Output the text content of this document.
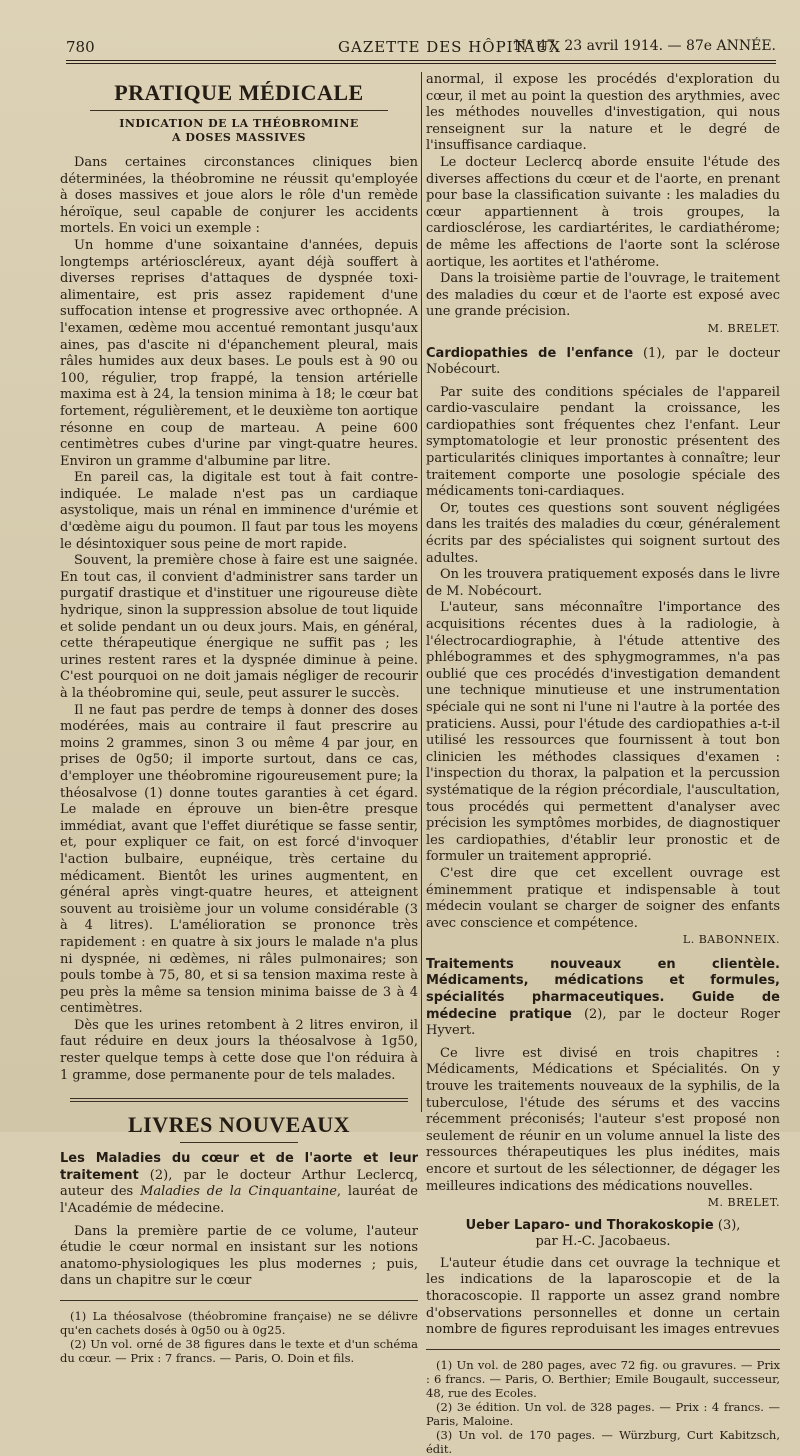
780	GAZETTE DES HÔPITAUX
N° 47, 23 avril 1914. — 87e ANNÉE.
PRATIQUE MÉDICALE
INDICATION DE LA THÉOBROMINE
A DOSES MASSIVES

Dans certaines circonstances cliniques bien déterminées, la théobromine ne réussit qu'employée à doses massives et joue alors le rôle d'un remède héroïque, seul capable de conjurer les accidents mortels. En voici un exemple :

Un homme d'une soixantaine d'années, depuis longtemps artérioscléreux, ayant déjà souffert à diverses reprises d'attaques de dyspnée toxi-alimentaire, est pris assez rapidement d'une suffocation intense et progressive avec orthopnée. A l'examen, œdème mou accentué remontant jusqu'aux aines, pas d'ascite ni d'épanchement pleural, mais râles humides aux deux bases. Le pouls est à 90 ou 100, régulier, trop frappé, la tension artérielle maxima est à 24, la tension minima à 18; le cœur bat fortement, régulièrement, et le deuxième ton aortique résonne en coup de marteau. A peine 600 centimètres cubes d'urine par vingt-quatre heures. Environ un gramme d'albumine par litre.

En pareil cas, la digitale est tout à fait contre-indiquée. Le malade n'est pas un cardiaque asystolique, mais un rénal en imminence d'urémie et d'œdème aigu du poumon. Il faut par tous les moyens le désintoxiquer sous peine de mort rapide.

Souvent, la première chose à faire est une saignée. En tout cas, il convient d'administrer sans tarder un purgatif drastique et d'instituer une rigoureuse diète hydrique, sinon la suppression absolue de tout liquide et solide pendant un ou deux jours. Mais, en général, cette thérapeutique énergique ne suffit pas ; les urines restent rares et la dyspnée diminue à peine. C'est pourquoi on ne doit jamais négliger de recourir à la théobromine qui, seule, peut assurer le succès.

Il ne faut pas perdre de temps à donner des doses modérées, mais au contraire il faut prescrire au moins 2 grammes, sinon 3 ou même 4 par jour, en prises de 0g50; il importe surtout, dans ce cas, d'employer une théobromine rigoureusement pure; la théosalvose (1) donne toutes garanties à cet égard. Le malade en éprouve un bien-être presque immédiat, avant que l'effet diurétique se fasse sentir, et, pour expliquer ce fait, on est forcé d'invoquer l'action bulbaire, eupnéique, très certaine du médicament. Bientôt les urines augmentent, en général après vingt-quatre heures, et atteignent souvent au troisième jour un volume considérable (3 à 4 litres). L'amélioration se prononce très rapidement : en quatre à six jours le malade n'a plus ni dyspnée, ni œdèmes, ni râles pulmonaires; son pouls tombe à 75, 80, et si sa tension maxima reste à peu près la même sa tension minima baisse de 3 à 4 centimètres.

Dès que les urines retombent à 2 litres environ, il faut réduire en deux jours la théosalvose à 1g50, rester quelque temps à cette dose que l'on réduira à 1 gramme, dose permanente pour de tels malades.

LIVRES NOUVEAUX
Les Maladies du cœur et de l'aorte et leur traitement (2), par le docteur Arthur Leclercq, auteur des Maladies de la Cinquantaine, lauréat de l'Académie de médecine.

Dans la première partie de ce volume, l'auteur étudie le cœur normal en insistant sur les notions anatomo-physiologiques les plus modernes ; puis, dans un chapitre sur le cœur

(1) La théosalvose (théobromine française) ne se délivre qu'en cachets dosés à 0g50 ou à 0g25.

(2) Un vol. orné de 38 figures dans le texte et d'un schéma du cœur. — Prix : 7 francs. — Paris, O. Doin et fils.

anormal, il expose les procédés d'exploration du cœur, il met au point la question des arythmies, avec les méthodes nouvelles d'investigation, qui nous renseignent sur la nature et le degré de l'insuffisance cardiaque.

Le docteur Leclercq aborde ensuite l'étude des diverses affections du cœur et de l'aorte, en prenant pour base la classification suivante : les maladies du cœur appartiennent à trois groupes, la cardiosclérose, les cardiartérites, le cardiathérome; de même les affections de l'aorte sont la sclérose aortique, les aortites et l'athérome.

Dans la troisième partie de l'ouvrage, le traitement des maladies du cœur et de l'aorte est exposé avec une grande précision.

M. BRELET.

Cardiopathies de l'enfance (1), par le docteur Nobécourt.

Par suite des conditions spéciales de l'appareil cardio-vasculaire pendant la croissance, les cardiopathies sont fréquentes chez l'enfant. Leur symptomatologie et leur pronostic présentent des particularités cliniques importantes à connaître; leur traitement comporte une posologie spéciale des médicaments toni-cardiaques.

Or, toutes ces questions sont souvent négligées dans les traités des maladies du cœur, généralement écrits par des spécialistes qui soignent surtout des adultes.

On les trouvera pratiquement exposés dans le livre de M. Nobécourt.

L'auteur, sans méconnaître l'importance des acquisitions récentes dues à la radiologie, à l'électrocardiographie, à l'étude attentive des phlébogrammes et des sphygmogrammes, n'a pas oublié que ces procédés d'investigation demandent une technique minutieuse et une instrumentation spéciale qui ne sont ni l'une ni l'autre à la portée des praticiens. Aussi, pour l'étude des cardiopathies a-t-il utilisé les ressources que fournissent à tout bon clinicien les méthodes classiques d'examen : l'inspection du thorax, la palpation et la percussion systématique de la région précordiale, l'auscultation, tous procédés qui permettent d'analyser avec précision les symptômes morbides, de diagnostiquer les cardiopathies, d'établir leur pronostic et de formuler un traitement approprié.

C'est dire que cet excellent ouvrage est éminemment pratique et indispensable à tout médecin voulant se charger de soigner des enfants avec conscience et compétence.

L. BABONNEIX.

Traitements nouveaux en clientèle. Médicaments, médications et formules, spécialités pharmaceutiques. Guide de médecine pratique (2), par le docteur Roger Hyvert.

Ce livre est divisé en trois chapitres : Médicaments, Médications et Spécialités. On y trouve les traitements nouveaux de la syphilis, de la tuberculose, l'étude des sérums et des vaccins récemment préconisés; l'auteur s'est proposé non seulement de réunir en un volume annuel la liste des ressources thérapeutiques les plus inédites, mais encore et surtout de les sélectionner, de dégager les meilleures indications des médications nouvelles.

M. BRELET.

Ueber Laparo- und Thorakoskopie (3),
par H.-C. Jacobaeus.

L'auteur étudie dans cet ouvrage la technique et les indications de la laparoscopie et de la thoracoscopie. Il rapporte un assez grand nombre d'observations personnelles et donne un certain nombre de figures reproduisant les images entrevues

(1) Un vol. de 280 pages, avec 72 fig. ou gravures. — Prix : 6 francs. — Paris, O. Berthier; Emile Bougault, successeur, 48, rue des Ecoles.

(2) 3e édition. Un vol. de 328 pages. — Prix : 4 francs. — Paris, Maloine.

(3) Un vol. de 170 pages. — Würzburg, Curt Kabitzsch, édit.
